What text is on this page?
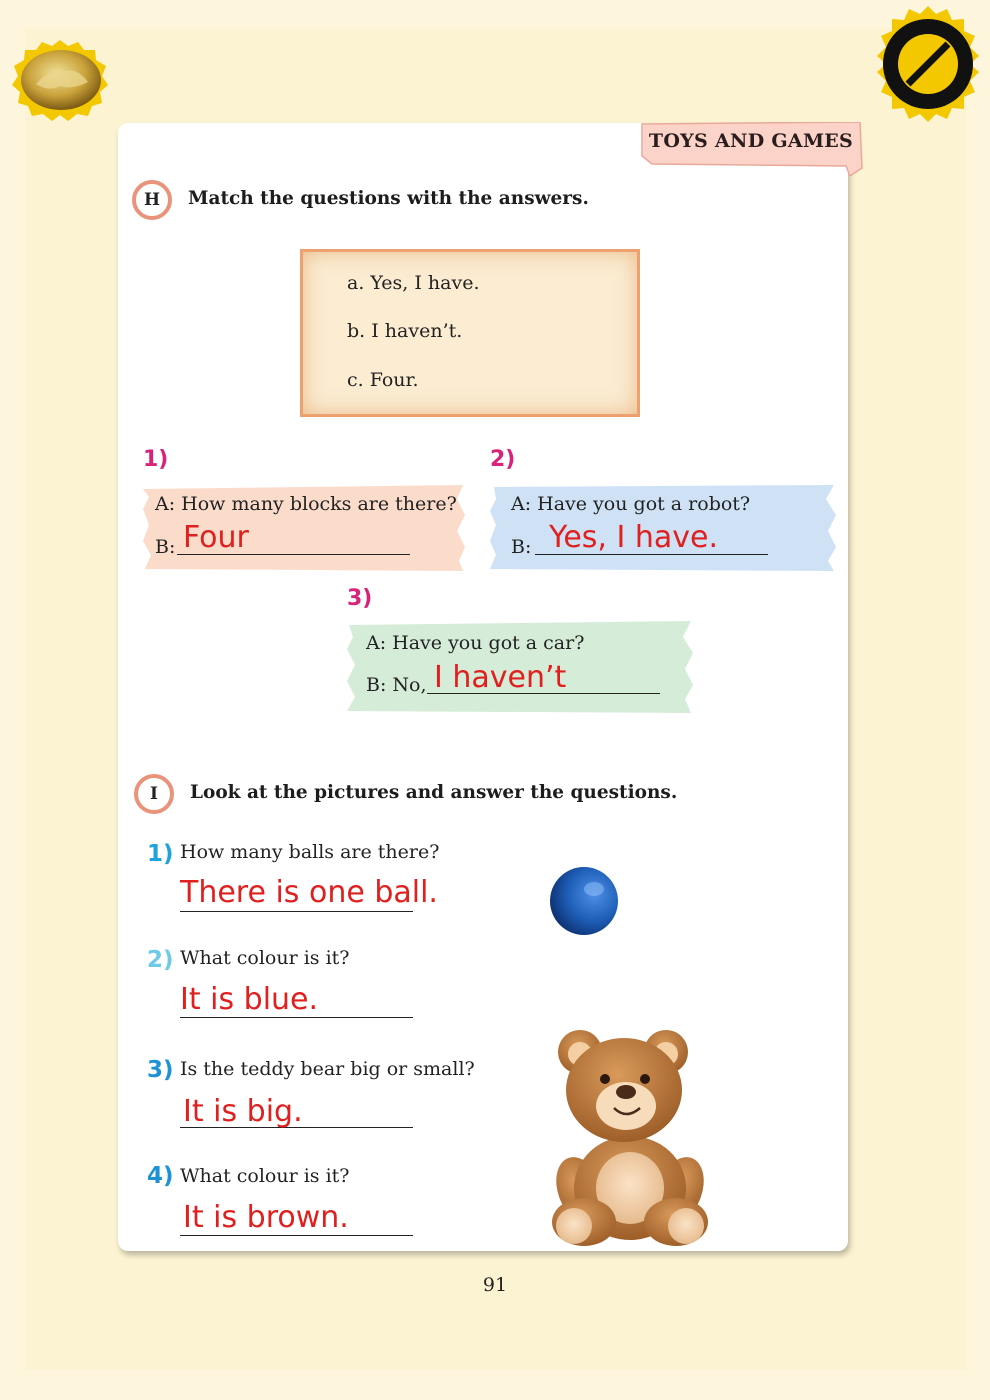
TOYS AND GAMES
H	Match the questions with the answers.
a. Yes, I have.
b. I haven’t.
c. Four.
1)
A: How many blocks are there?
B: Four
2)
A: Have you got a robot?
B: Yes, I have.
3)
A: Have you got a car?
B: No, I haven’t
I	Look at the pictures and answer the questions.
1) How many balls are there?
There is one ball.
2) What colour is it?
It is blue.
3) Is the teddy bear big or small?
It is big.
4) What colour is it?
It is brown.
91
